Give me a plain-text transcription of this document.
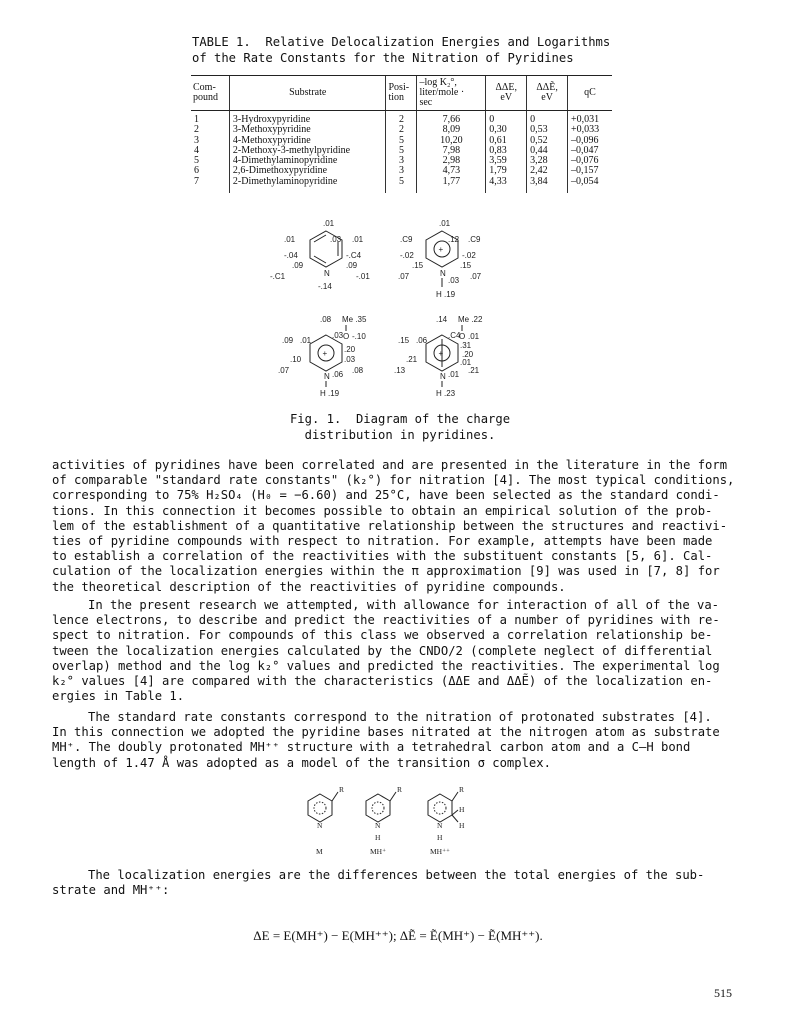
TABLE 1.  Relative Delocalization Energies and Logarithms
of the Rate Constants for the Nitration of Pyridines
Com-
pound	Substrate	Posi-
tion	–log K₂°,
liter/mole ·
sec	ΔΔE,
eV	ΔΔẼ,
eV	qC
1	3-Hydroxypyridine	2	7,66	0	0	+0,031
2	3-Methoxypyridine	2	8,09	0,30	0,53	+0,033
3	4-Methoxypyridine	5	10,20	0,61	0,52	–0,096
4	2-Methoxy-3-methylpyridine	5	7,98	0,83	0,44	–0,047
5	4-Dimethylaminopyridine	3	2,98	3,59	3,28	–0,076
6	2,6-Dimethoxypyridine	3	4,73	1,79	2,42	–0,157
7	2-Dimethylaminopyridine	5	1,77	4,33	3,84	–0,054
.01
.01	.03 .01
-.04	-.C4
.09	.09
N
-.C1	-.01
-.14
+
.01
.C9	.12 .C9
-.02	-.02
.15	.15
N
.07	.07
.03
H .19
+
.08 Me .35
.03 O -.10
.09 .01
.20
.10	.03
.07
N .06 .08
H .19
+
.14 Me .22
.C4
O .01
.15 .06
.31
.20
.21	.01
.13
N .01 .21
H .23
Fig. 1.  Diagram of the charge
distribution in pyridines.

activities of pyridines have been correlated and are presented in the literature in the form
of comparable "standard rate constants" (k₂°) for nitration [4]. The most typical conditions,
corresponding to 75% H₂SO₄ (H₀ = −6.60) and 25°C, have been selected as the standard condi-
tions. In this connection it becomes possible to obtain an empirical solution of the prob-
lem of the establishment of a quantitative relationship between the structures and reactivi-
ties of pyridine compounds with respect to nitration. For example, attempts have been made
to establish a correlation of the reactivities with the substituent constants [5, 6]. Cal-
culation of the localization energies within the π approximation [9] was used in [7, 8] for
the theoretical description of the reactivities of pyridine compounds.

In the present research we attempted, with allowance for interaction of all of the va-
lence electrons, to describe and predict the reactivities of a number of pyridines with re-
spect to nitration. For compounds of this class we observed a correlation relationship be-
tween the localization energies calculated by the CNDO/2 (complete neglect of differential
overlap) method and the log k₂° values and predicted the reactivities. The experimental log
k₂° values [4] are compared with the characteristics (ΔΔE and ΔΔẼ) of the localization en-
ergies in Table 1.

The standard rate constants correspond to the nitration of protonated substrates [4].
In this connection we adopted the pyridine bases nitrated at the nitrogen atom as substrate
MH⁺. The doubly protonated MH⁺⁺ structure with a tetrahedral carbon atom and a C—H bond
length of 1.47 Å was adopted as a model of the transition σ complex.

R
N
M
R
N
H
MH⁺
R
H
H
N
H
MH⁺⁺

The localization energies are the differences between the total energies of the sub-
strate and MH⁺⁺:

ΔE = E(MH⁺) − E(MH⁺⁺); ΔẼ = Ẽ(MH⁺) − Ẽ(MH⁺⁺).
515
